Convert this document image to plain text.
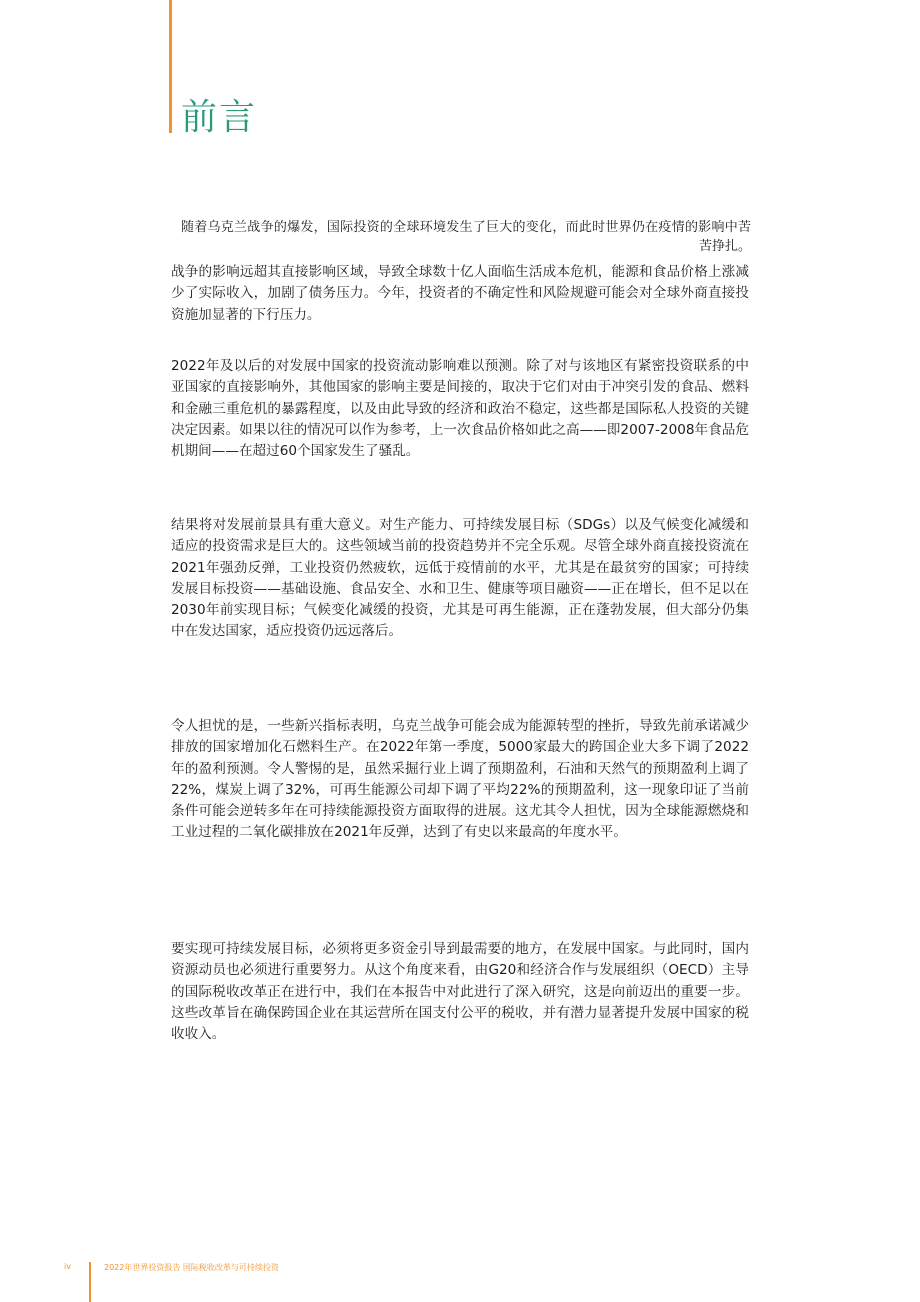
前言

随着乌克兰战争的爆发，国际投资的全球环境发生了巨大的变化，而此时世界仍在疫情的影响中苦苦挣扎。

战争的影响远超其直接影响区域，导致全球数十亿人面临生活成本危机，能源和食品价格上涨减少了实际收入，加剧了债务压力。今年，投资者的不确定性和风险规避可能会对全球外商直接投资施加显著的下行压力。

2022年及以后的对发展中国家的投资流动影响难以预测。除了对与该地区有紧密投资联系的中亚国家的直接影响外，其他国家的影响主要是间接的，取决于它们对由于冲突引发的食品、燃料和金融三重危机的暴露程度，以及由此导致的经济和政治不稳定，这些都是国际私人投资的关键决定因素。如果以往的情况可以作为参考，上一次食品价格如此之高——即2007-2008年食品危机期间——在超过60个国家发生了骚乱。

结果将对发展前景具有重大意义。对生产能力、可持续发展目标（SDGs）以及气候变化减缓和适应的投资需求是巨大的。这些领域当前的投资趋势并不完全乐观。尽管全球外商直接投资流在2021年强劲反弹，工业投资仍然疲软，远低于疫情前的水平，尤其是在最贫穷的国家；可持续发展目标投资——基础设施、食品安全、水和卫生、健康等项目融资——正在增长，但不足以在2030年前实现目标；气候变化减缓的投资，尤其是可再生能源，正在蓬勃发展，但大部分仍集中在发达国家，适应投资仍远远落后。

令人担忧的是，一些新兴指标表明，乌克兰战争可能会成为能源转型的挫折，导致先前承诺减少排放的国家增加化石燃料生产。在2022年第一季度，5000家最大的跨国企业大多下调了2022年的盈利预测。令人警惕的是，虽然采掘行业上调了预期盈利，石油和天然气的预期盈利上调了22%，煤炭上调了32%，可再生能源公司却下调了平均22%的预期盈利，这一现象印证了当前条件可能会逆转多年在可持续能源投资方面取得的进展。这尤其令人担忧，因为全球能源燃烧和工业过程的二氧化碳排放在2021年反弹，达到了有史以来最高的年度水平。

要实现可持续发展目标，必须将更多资金引导到最需要的地方，在发展中国家。与此同时，国内资源动员也必须进行重要努力。从这个角度来看，由G20和经济合作与发展组织（OECD）主导的国际税收改革正在进行中，我们在本报告中对此进行了深入研究，这是向前迈出的重要一步。这些改革旨在确保跨国企业在其运营所在国支付公平的税收，并有潜力显著提升发展中国家的税收收入。

iv	2022年世界投资报告 国际税收改革与可持续投资
